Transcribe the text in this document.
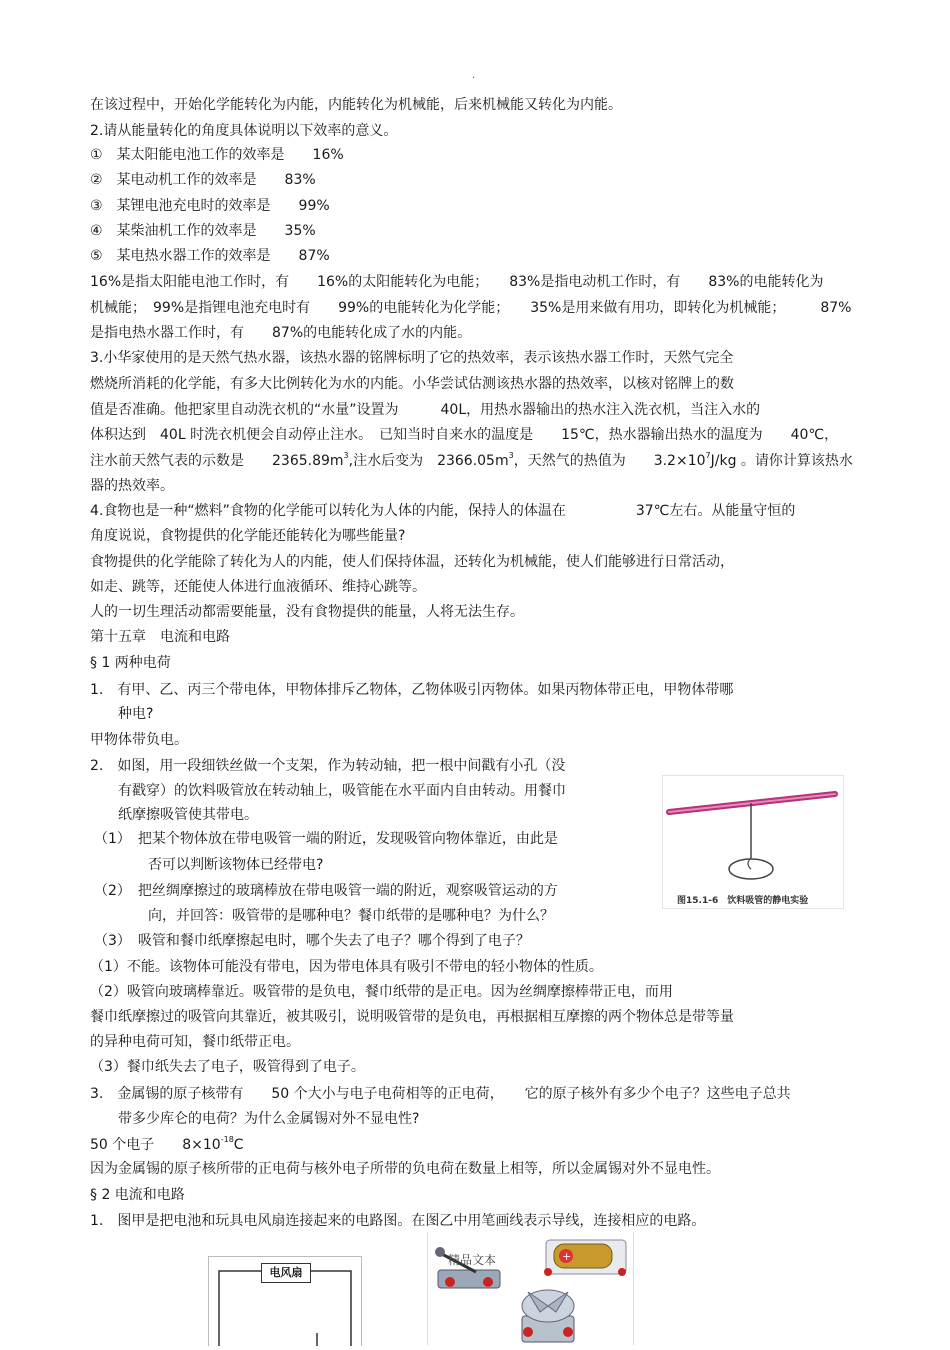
.
在该过程中，开始化学能转化为内能，内能转化为机械能，后来机械能又转化为内能。
2.请从能量转化的角度具体说明以下效率的意义。
①　某太阳能电池工作的效率是　　16%
②　某电动机工作的效率是　　83%
③　某锂电池充电时的效率是　　99%
④　某柴油机工作的效率是　　35%
⑤　某电热水器工作的效率是　　87%
16%是指太阳能电池工作时，有　　16%的太阳能转化为电能；　　83%是指电动机工作时，有　　83%的电能转化为
机械能；　99%是指锂电池充电时有　　99%的电能转化为化学能；　　35%是用来做有用功，即转化为机械能；　　　87%
是指电热水器工作时，有　　87%的电能转化成了水的内能。
3.小华家使用的是天然气热水器，该热水器的铭牌标明了它的热效率，表示该热水器工作时，天然气完全
燃烧所消耗的化学能，有多大比例转化为水的内能。小华尝试估测该热水器的热效率，以核对铭牌上的数
值是否准确。他把家里自动洗衣机的“水量”设置为　　　40L，用热水器输出的热水注入洗衣机，当注入水的
体积达到　40L 时洗衣机便会自动停止注水。　已知当时自来水的温度是　　15℃，热水器输出热水的温度为　　40℃，
注水前天然气表的示数是　　$2365.89m^3$,注水后变为　$2366.05m^3$，天然气的热值为　　$3.2\times 10^7J/kg$ 。请你计算该热水
器的热效率。
4.食物也是一种“燃料”食物的化学能可以转化为人体的内能，保持人的体温在　　　　　37℃左右。从能量守恒的
角度说说，食物提供的化学能还能转化为哪些能量?
食物提供的化学能除了转化为人的内能，使人们保持体温，还转化为机械能，使人们能够进行日常活动，
如走、跳等，还能使人体进行血液循环、维持心跳等。
人的一切生理活动都需要能量，没有食物提供的能量，人将无法生存。
第十五章　电流和电路
§ 1 两种电荷
1.　有甲、乙、丙三个带电体，甲物体排斥乙物体，乙物体吸引丙物体。如果丙物体带正电，甲物体带哪
种电?
甲物体带负电。
2.　如图，用一段细铁丝做一个支架，作为转动轴，把一根中间戳有小孔（没
有戳穿）的饮料吸管放在转动轴上，吸管能在水平面内自由转动。用餐巾
纸摩擦吸管使其带电。
（1）　把某个物体放在带电吸管一端的附近，发现吸管向物体靠近，由此是
否可以判断该物体已经带电?
（2）　把丝绸摩擦过的玻璃棒放在带电吸管一端的附近，观察吸管运动的方
向，并回答：吸管带的是哪种电？餐巾纸带的是哪种电？为什么？
（3）　吸管和餐巾纸摩擦起电时，哪个失去了电子？哪个得到了电子？
（1）不能。该物体可能没有带电，因为带电体具有吸引不带电的轻小物体的性质。
（2）吸管向玻璃棒靠近。吸管带的是负电，餐巾纸带的是正电。因为丝绸摩擦棒带正电，而用
餐巾纸摩擦过的吸管向其靠近，被其吸引，说明吸管带的是负电，再根据相互摩擦的两个物体总是带等量
的异种电荷可知，餐巾纸带正电。
（3）餐巾纸失去了电子，吸管得到了电子。
3.　金属锡的原子核带有　　50 个大小与电子电荷相等的正电荷，　　它的原子核外有多少个电子？这些电子总共
带多少库仑的电荷？为什么金属锡对外不显电性?
50 个电子　　$8\times 10^{-18}C$
因为金属锡的原子核所带的正电荷与核外电子所带的负电荷在数量上相等，所以金属锡对外不显电性。
§ 2 电流和电路
1.　图甲是把电池和玩具电风扇连接起来的电路图。在图乙中用笔画线表示导线，连接相应的电路。
图15.1-6　饮料吸管的静电实验
电风扇
+
精品文本
